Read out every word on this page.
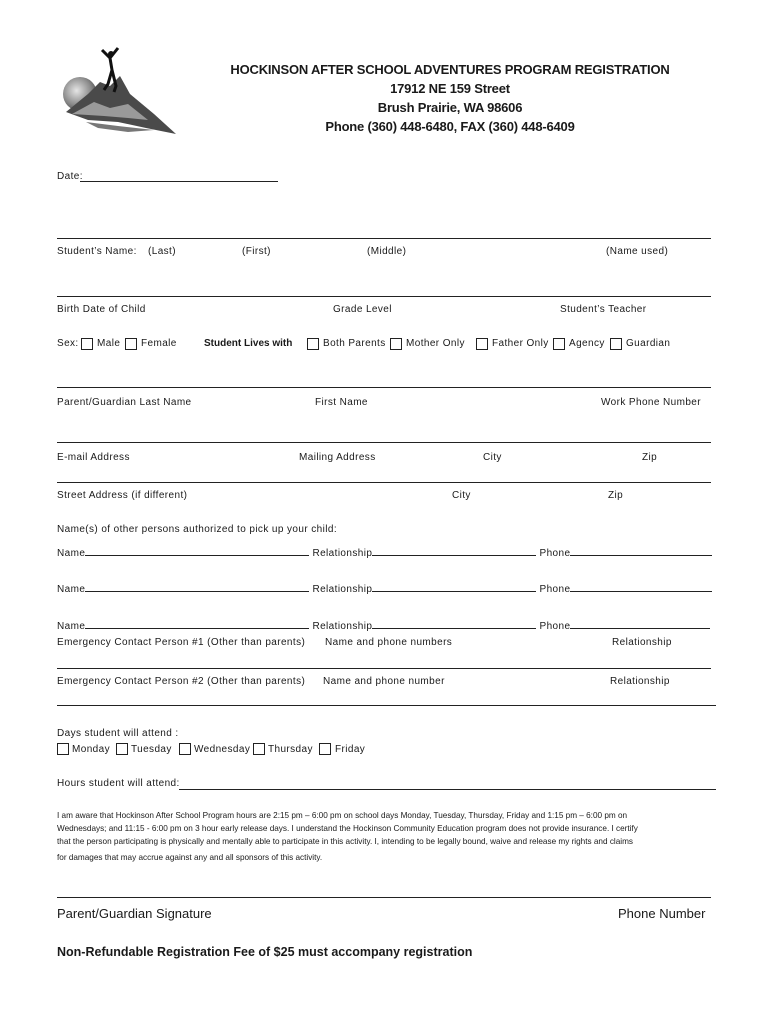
HOCKINSON AFTER SCHOOL ADVENTURES PROGRAM REGISTRATION
17912 NE 159 Street
Brush Prairie, WA 98606
Phone (360) 448-6480, FAX (360) 448-6409
Date:
Student’s Name: (Last)	(First)	(Middle)	(Name used)
Birth Date of Child	Grade Level	Student’s Teacher
Sex: Male Female	Student Lives with	Both Parents Mother Only	Father Only Agency Guardian
Parent/Guardian Last Name	First Name	Work Phone Number
E-mail Address	Mailing Address	City	Zip
Street Address (if different)	City	Zip
Name(s) of other persons authorized to pick up your child:
Name	Relationship	Phone
Name	Relationship	Phone
Name	Relationship	Phone
Emergency Contact Person #1 (Other than parents) Name and phone numbers	Relationship
Emergency Contact Person #2 (Other than parents) Name and phone number	Relationship
Days student will attend :
Monday Tuesday Wednesday Thursday Friday
Hours student will attend:
I am aware that Hockinson After School Program hours are 2:15 pm – 6:00 pm on school days Monday, Tuesday, Thursday, Friday and 1:15 pm – 6:00 pm on
Wednesdays; and 11:15 - 6:00 pm on 3 hour early release days. I understand the Hockinson Community Education program does not provide insurance. I certify
that the person participating is physically and mentally able to participate in this activity. I, intending to be legally bound, waive and release my rights and claims
for damages that may accrue against any and all sponsors of this activity.
Parent/Guardian Signature	Phone Number
Non-Refundable Registration Fee of $25 must accompany registration
